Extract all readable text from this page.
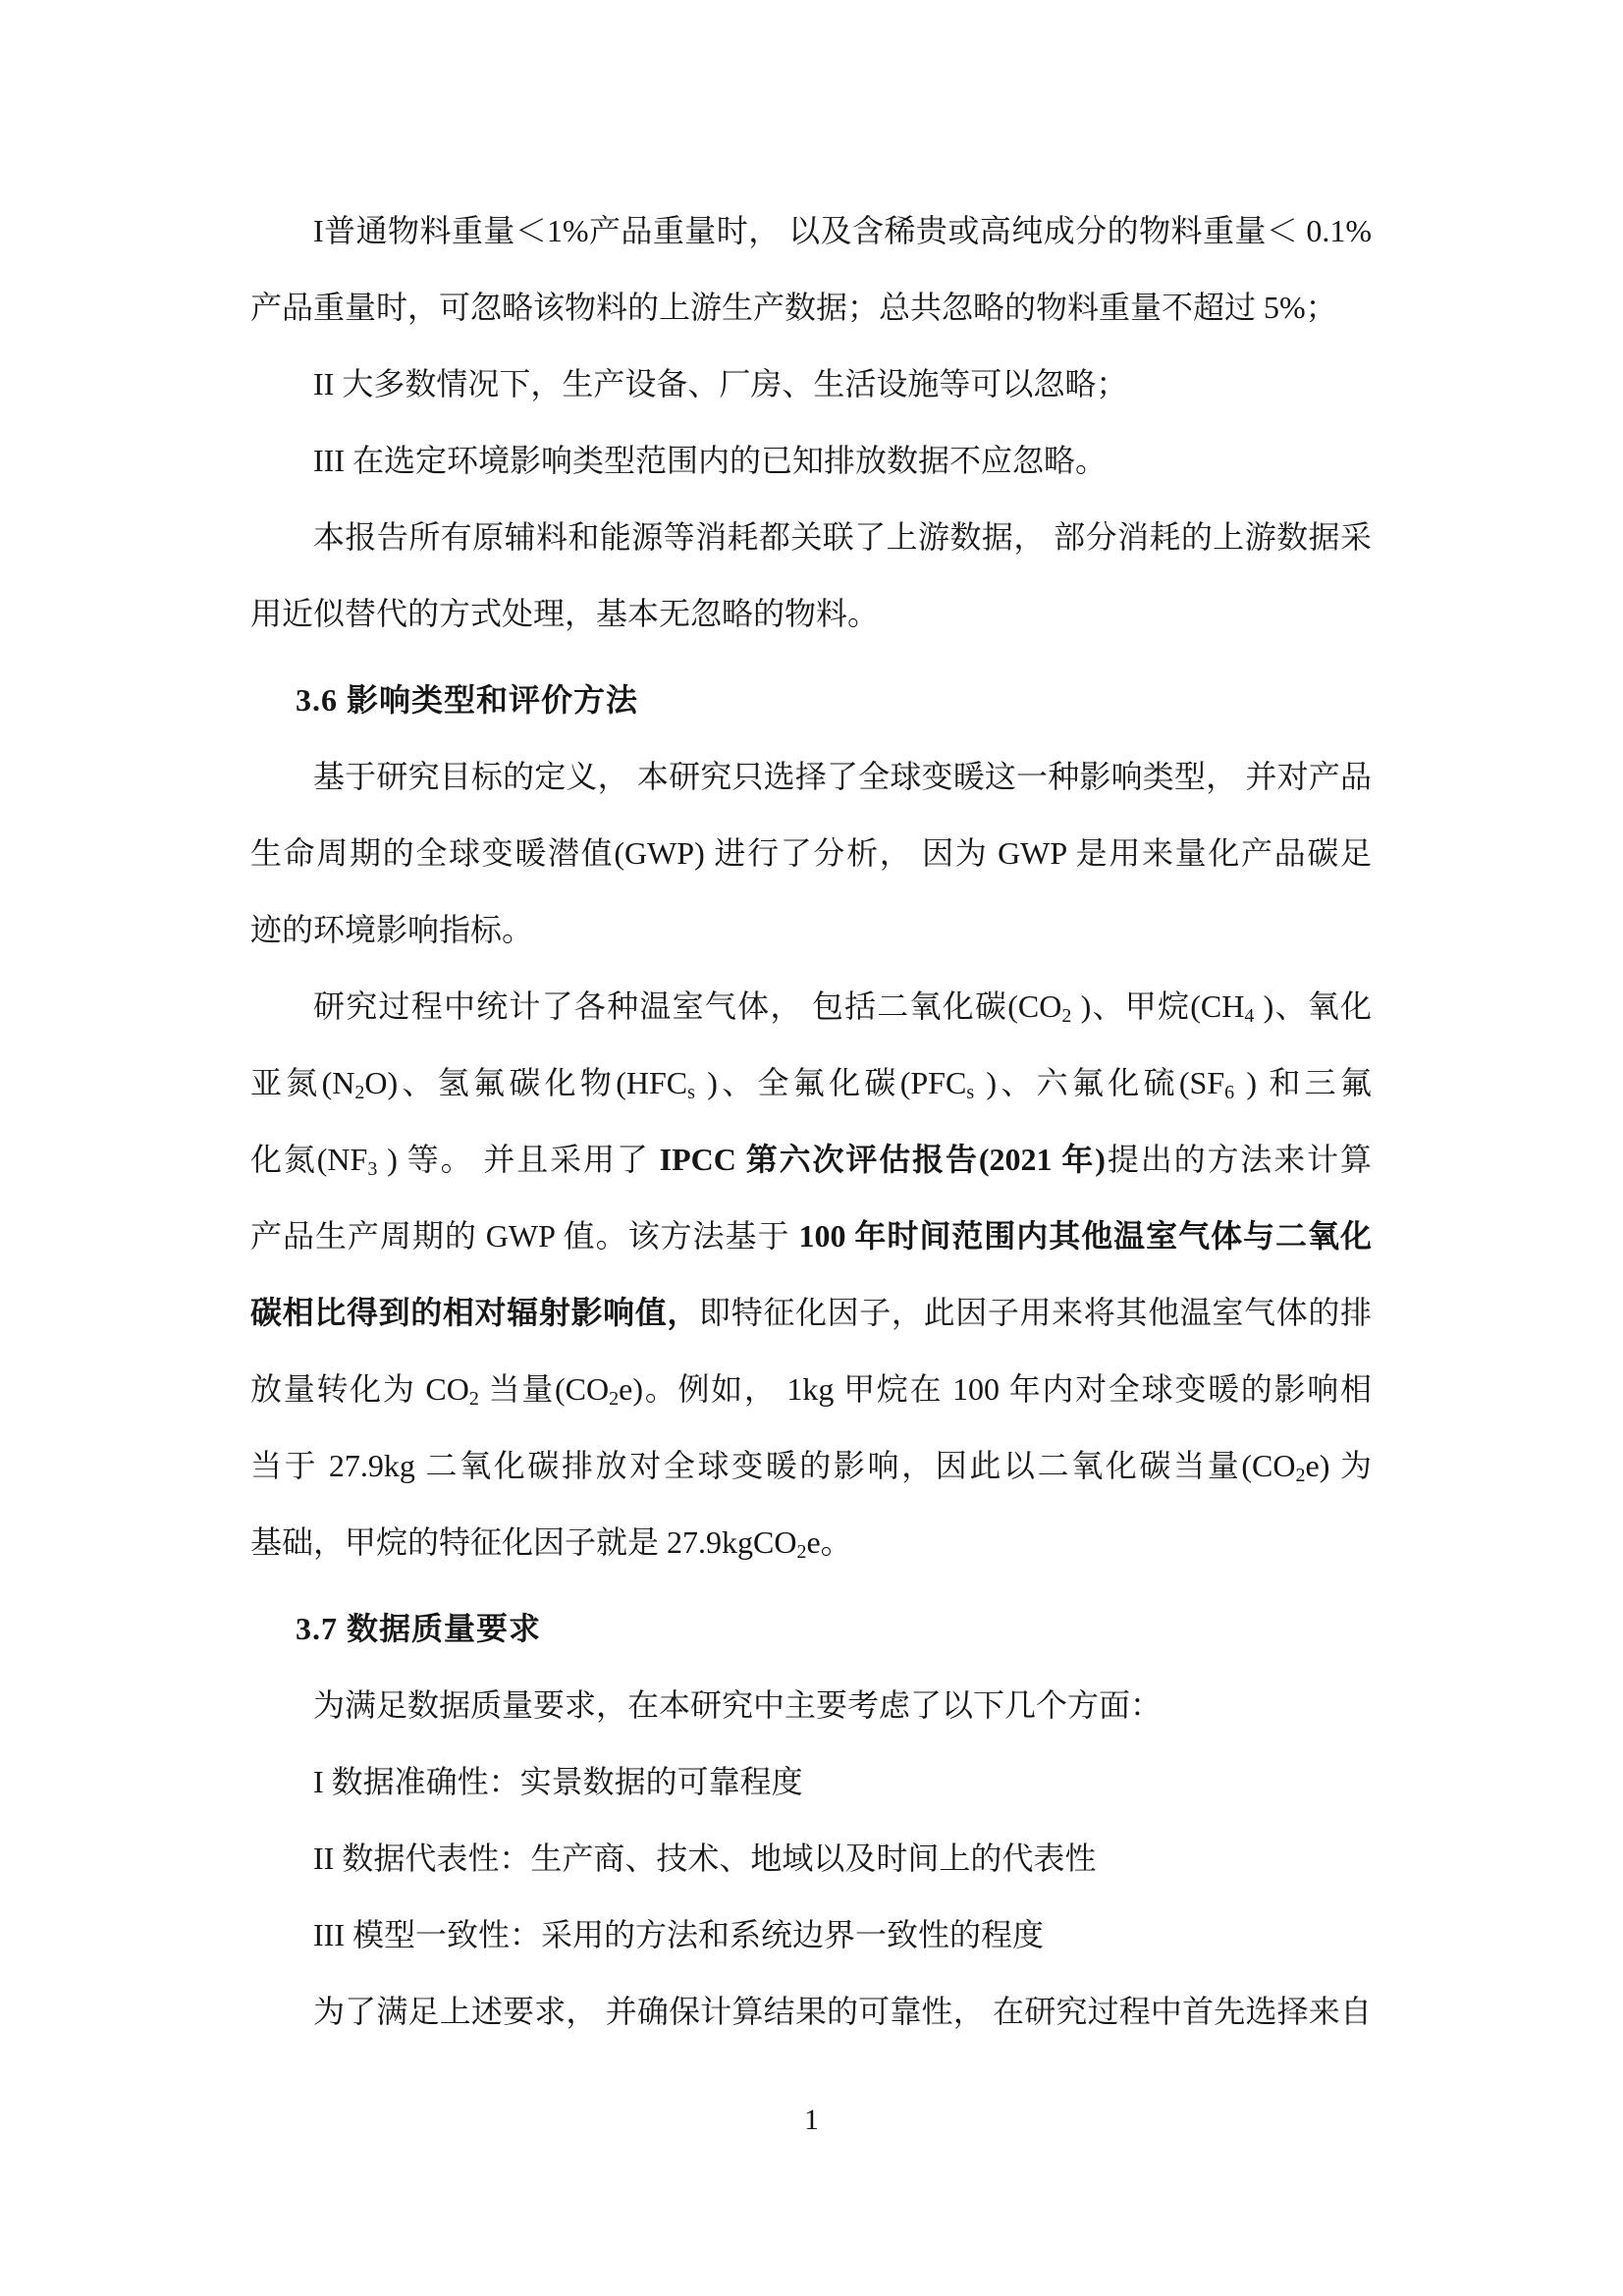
I普通物料重量＜1%产品重量时， 以及含稀贵或高纯成分的物料重量＜ 0.1%

产品重量时，可忽略该物料的上游生产数据；总共忽略的物料重量不超过 5%；

II 大多数情况下，生产设备、厂房、生活设施等可以忽略；

III 在选定环境影响类型范围内的已知排放数据不应忽略。

本报告所有原辅料和能源等消耗都关联了上游数据， 部分消耗的上游数据采

用近似替代的方式处理，基本无忽略的物料。

3.6 影响类型和评价方法

基于研究目标的定义， 本研究只选择了全球变暖这一种影响类型， 并对产品

生命周期的全球变暖潜值(GWP) 进行了分析， 因为 GWP 是用来量化产品碳足

迹的环境影响指标。

研究过程中统计了各种温室气体， 包括二氧化碳($CO_2$ )、甲烷($CH_4$ )、氧化

亚氮$(N_2O)$、氢氟碳化物($HFC_s$ )、全氟化碳($PFC_s$ )、六氟化硫($SF_6$ ) 和三氟

化氮($NF_3$ ) 等。 并且采用了 IPCC 第六次评估报告(2021 年)提出的方法来计算

产品生产周期的 GWP 值。该方法基于 100 年时间范围内其他温室气体与二氧化

碳相比得到的相对辐射影响值，即特征化因子，此因子用来将其他温室气体的排

放量转化为 $CO_2$ 当量$(CO_2e)$。例如， 1kg 甲烷在 100 年内对全球变暖的影响相

当于 27.9kg 二氧化碳排放对全球变暖的影响，因此以二氧化碳当量$(CO_2e)$ 为

基础，甲烷的特征化因子就是 27.9kgCO$_2$e。

3.7 数据质量要求

为满足数据质量要求，在本研究中主要考虑了以下几个方面：

I 数据准确性：实景数据的可靠程度

II 数据代表性：生产商、技术、地域以及时间上的代表性

III 模型一致性：采用的方法和系统边界一致性的程度

为了满足上述要求， 并确保计算结果的可靠性， 在研究过程中首先选择来自

1
